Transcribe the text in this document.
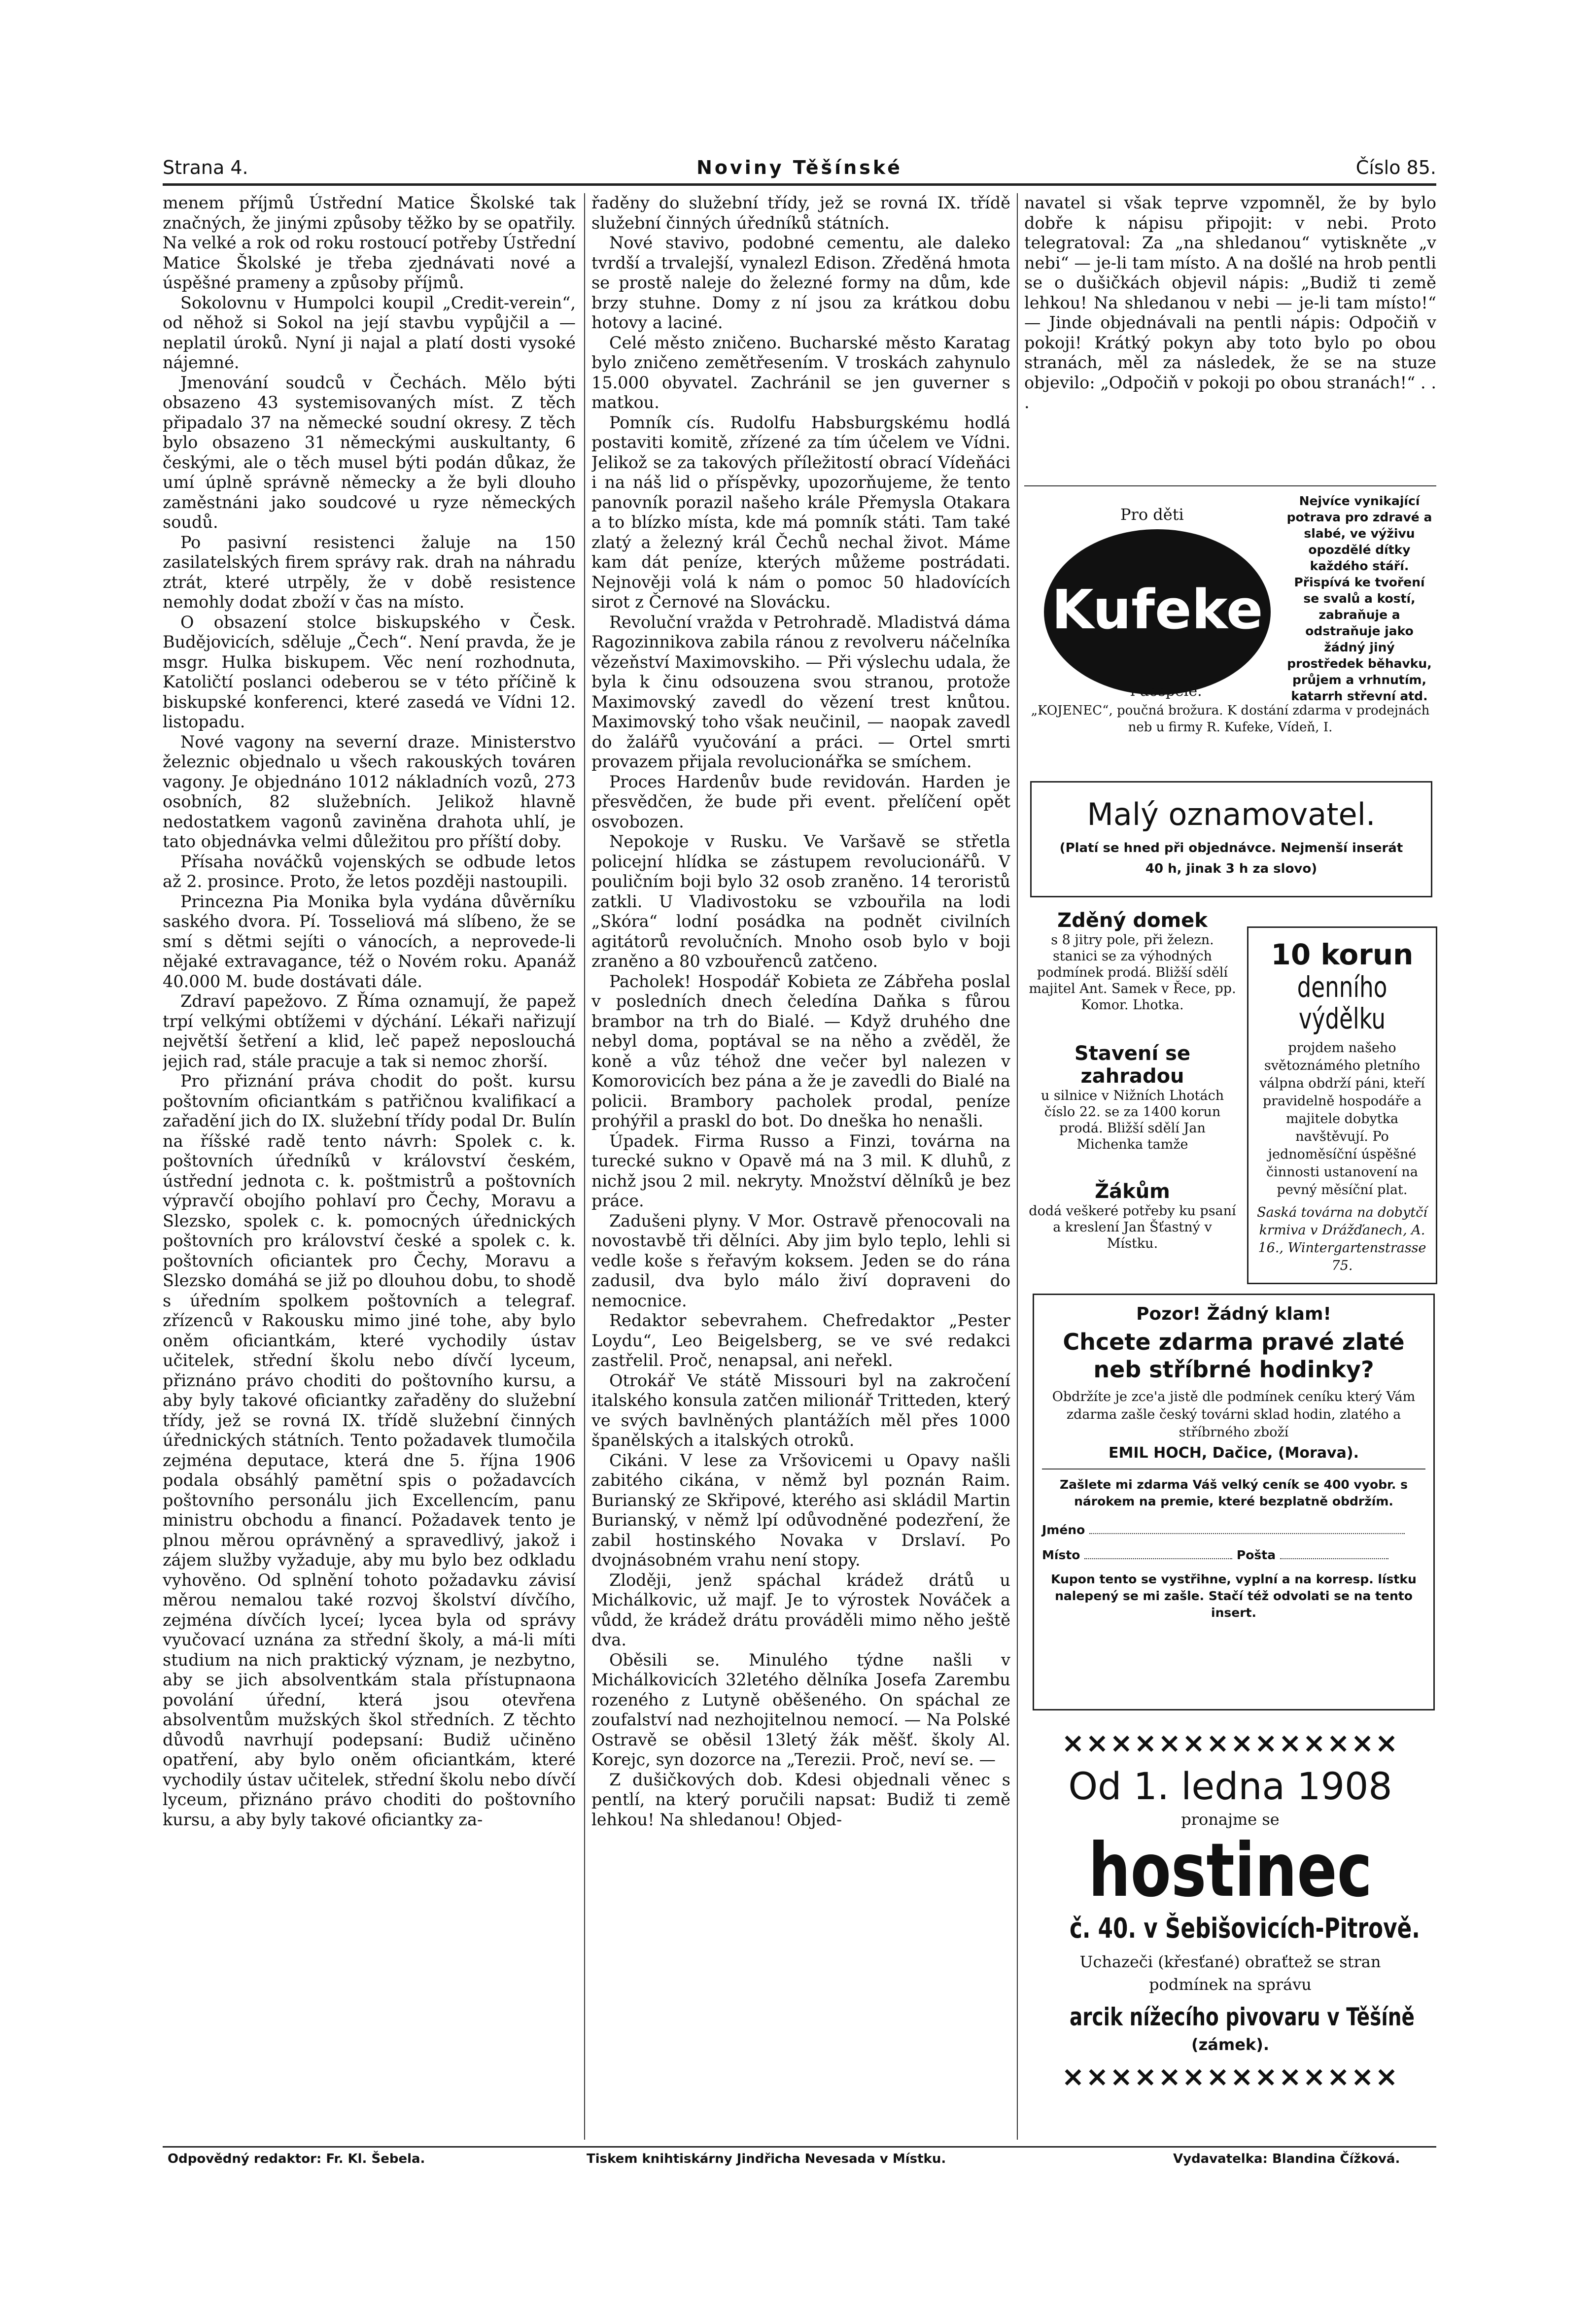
Strana 4.	Noviny Těšínské	Číslo 85.

menem příjmů Ústřední Matice Školské tak značných, že jinými způsoby těžko by se opatřily. Na velké a rok od roku rostoucí potřeby Ústřední Matice Školské je třeba zjednávati nové a úspěšné prameny a způsoby příjmů.

Sokolovnu v Humpolci koupil „Credit-verein“, od něhož si Sokol na její stavbu vypůjčil a — neplatil úroků. Nyní ji najal a platí dosti vysoké nájemné.

Jmenování soudců v Čechách. Mělo býti obsazeno 43 systemisovaných míst. Z těch připadalo 37 na německé soudní okresy. Z těch bylo obsazeno 31 německými auskultanty, 6 českými, ale o těch musel býti podán důkaz, že umí úplně správně německy a že byli dlouho zaměstnáni jako soudcové u ryze německých soudů.

Po pasivní resistenci žaluje na 150 zasilatelských firem správy rak. drah na náhradu ztrát, které utrpěly, že v době resistence nemohly dodat zboží v čas na místo.

O obsazení stolce biskupského v Česk. Budějovicích, sděluje „Čech“. Není pravda, že je msgr. Hulka biskupem. Věc není rozhodnuta, Katoličtí poslanci odeberou se v této příčině k biskupské konferenci, které zasedá ve Vídni 12. listopadu.

Nové vagony na severní draze. Ministerstvo železnic objednalo u všech rakouských továren vagony. Je objednáno 1012 nákladních vozů, 273 osobních, 82 služebních. Jelikož hlavně nedostatkem vagonů zaviněna drahota uhlí, je tato objednávka velmi důležitou pro příští doby.

Přísaha nováčků vojenských se odbude letos až 2. prosince. Proto, že letos později nastoupili.

Princezna Pia Monika byla vydána důvěrníku saského dvora. Pí. Tosseliová má slíbeno, že se smí s dětmi sejíti o vánocích, a neprovede-li nějaké extravagance, též o Novém roku. Apanáž 40.000 M. bude dostávati dále.

Zdraví papežovo. Z Říma oznamují, že papež trpí velkými obtížemi v dýchání. Lékaři nařizují největší šetření a klid, leč papež neposlouchá jejich rad, stále pracuje a tak si nemoc zhorší.

Pro přiznání práva chodit do pošt. kursu poštovním oficiantkám s patřičnou kvalifikací a zařadění jich do IX. služební třídy podal Dr. Bulín na říšské radě tento návrh: Spolek c. k. poštovních úředníků v království českém, ústřední jednota c. k. poštmistrů a poštovních výpravčí obojího pohlaví pro Čechy, Moravu a Slezsko, spolek c. k. pomocných úřednických poštovních pro království české a spolek c. k. poštovních oficiantek pro Čechy, Moravu a Slezsko domáhá se již po dlouhou dobu, to shodě s úředním spolkem poštovních a telegraf. zřízenců v Rakousku mimo jiné tohe, aby bylo oněm oficiantkám, které vychodily ústav učitelek, střední školu nebo dívčí lyceum, přiznáno právo choditi do poštovního kursu, a aby byly takové oficiantky zařaděny do služební třídy, jež se rovná IX. třídě služební činných úřednických státních. Tento požadavek tlumočila zejména deputace, která dne 5. října 1906 podala obsáhlý pamětní spis o požadavcích poštovního personálu jich Excellencím, panu ministru obchodu a financí. Požadavek tento je plnou měrou oprávněný a spravedlivý, jakož i zájem služby vyžaduje, aby mu bylo bez odkladu vyhověno. Od splnění tohoto požadavku závisí měrou nemalou také rozvoj školství dívčího, zejména dívčích lyceí; lycea byla od správy vyučovací uznána za střední školy, a má-li míti studium na nich praktický význam, je nezbytno, aby se jich absolventkám stala přístupnaona povolání úřední, která jsou otevřena absolventům mužských škol středních. Z těchto důvodů navrhují podepsaní: Budiž učiněno opatření, aby bylo oněm oficiantkám, které vychodily ústav učitelek, střední školu nebo dívčí lyceum, přiznáno právo choditi do poštovního kursu, a aby byly takové oficiantky za-

řaděny do služební třídy, jež se rovná IX. třídě služební činných úředníků státních.

Nové stavivo, podobné cementu, ale daleko tvrdší a trvalejší, vynalezl Edison. Zředěná hmota se prostě naleje do železné formy na dům, kde brzy stuhne. Domy z ní jsou za krátkou dobu hotovy a laciné.

Celé město zničeno. Bucharské město Karatag bylo zničeno zemětřesením. V troskách zahynulo 15.000 obyvatel. Zachránil se jen guverner s matkou.

Pomník cís. Rudolfu Habsburgskému hodlá postaviti komitě, zřízené za tím účelem ve Vídni. Jelikož se za takových příležitostí obrací Vídeňáci i na náš lid o příspěvky, upozorňujeme, že tento panovník porazil našeho krále Přemysla Otakara a to blízko místa, kde má pomník státi. Tam také zlatý a železný král Čechů nechal život. Máme kam dát peníze, kterých můžeme postrádati. Nejnověji volá k nám o pomoc 50 hladovících sirot z Černové na Slovácku.

Revoluční vražda v Petrohradě. Mladistvá dáma Ragozinnikova zabila ránou z revolveru náčelníka vězeňství Maximovskiho. — Při výslechu udala, že byla k činu odsouzena svou stranou, protože Maximovský zavedl do vězení trest knůtou. Maximovský toho však neučinil, — naopak zavedl do žalářů vyučování a práci. — Ortel smrti provazem přijala revolucionářka se smíchem.

Proces Hardenův bude revidován. Harden je přesvědčen, že bude při event. přelíčení opět osvobozen.

Nepokoje v Rusku. Ve Varšavě se střetla policejní hlídka se zástupem revolucionářů. V pouličním boji bylo 32 osob zraněno. 14 teroristů zatkli. U Vladivostoku se vzbouřila na lodi „Skóra“ lodní posádka na podnět civilních agitátorů revolučních. Mnoho osob bylo v boji zraněno a 80 vzbouřenců zatčeno.

Pacholek! Hospodář Kobieta ze Zábřeha poslal v posledních dnech čeledína Daňka s fůrou brambor na trh do Bialé. — Když druhého dne nebyl doma, poptával se na něho a zvěděl, že koně a vůz téhož dne večer byl nalezen v Komorovicích bez pána a že je zavedli do Bialé na policii. Brambory pacholek prodal, peníze prohýřil a praskl do bot. Do dneška ho nenašli.

Úpadek. Firma Russo a Finzi, továrna na turecké sukno v Opavě má na 3 mil. K dluhů, z nichž jsou 2 mil. nekryty. Množství dělníků je bez práce.

Zadušeni plyny. V Mor. Ostravě přenocovali na novostavbě tři dělníci. Aby jim bylo teplo, lehli si vedle koše s řeřavým koksem. Jeden se do rána zadusil, dva bylo málo živí dopraveni do nemocnice.

Redaktor sebevrahem. Chefredaktor „Pester Loydu“, Leo Beigelsberg, se ve své redakci zastřelil. Proč, nenapsal, ani neřekl.

Otrokář Ve státě Missouri byl na zakročení italského konsula zatčen milionář Tritteden, který ve svých bavlněných plantážích měl přes 1000 španělských a italských otroků.

Cikáni. V lese za Vršovicemi u Opavy našli zabitého cikána, v němž byl poznán Raim. Burianský ze Skřipové, kterého asi skládil Martin Burianský, v němž lpí odůvodněné podezření, že zabil hostinského Novaka v Drslaví. Po dvojnásobném vrahu není stopy.

Zloději, jenž spáchal krádež drátů u Michálkovic, už majf. Je to výrostek Nováček a vůdd, že krádež drátu prováděli mimo něho ještě dva.

Oběsili se. Minulého týdne našli v Michálkovicích 32letého dělníka Josefa Zarembu rozeného z Lutyně oběšeného. On spáchal ze zoufalství nad nezhojitelnou nemocí. — Na Polské Ostravě se oběsil 13letý žák měšť. školy Al. Korejc, syn dozorce na „Terezii. Proč, neví se. —

Z dušičkových dob. Kdesi objednali věnec s pentlí, na který poručili napsat: Budiž ti země lehkou! Na shledanou! Objed-

navatel si však teprve vzpomněl, že by bylo dobře k nápisu připojit: v nebi. Proto telegratoval: Za „na shledanou“ vytiskněte „v nebi“ — je-li tam místo. A na došlé na hrob pentli se o dušičkách objevil nápis: „Budiž ti země lehkou! Na shledanou v nebi — je-li tam místo!“ — Jinde objednávali na pentli nápis: Odpočiň v pokoji! Krátký pokyn aby toto bylo po obou stranách, měl za následek, že se na stuze objevilo: „Odpočiň v pokoji po obou stranách!“ . . .

Pro děti
Kufeke
i dospělé.
Nejvíce vynikající potrava pro zdravé a slabé, ve výživu opozdělé dítky každého stáří. Přispívá ke tvoření se svalů a kostí, zabraňuje a odstraňuje jako žádný jiný prostředek běhavku, průjem a vrhnutím, katarrh střevní atd.
„KOJENEC“, poučná brožura. K dostání zdarma v prodejnách neb u firmy R. Kufeke, Vídeň, I.
Malý oznamovatel.
(Platí se hned při objednávce. Nejmenší inserát
40 h, jinak 3 h za slovo)
Zděný domek
s 8 jitry pole, při železn. stanici se za výhodných podmínek prodá. Bližší sdělí majitel Ant. Samek v Řece, pp. Komor. Lhotka.
Stavení se zahradou
u silnice v Nižních Lhotách číslo 22. se za 1400 korun prodá. Bližší sdělí Jan Michenka tamže
Žákům
dodá veškeré potřeby ku psaní a kreslení Jan Šťastný v Místku.
10 korun
denního výdělku
projdem našeho světoznámého pletního válpna obdrží páni, kteří pravidelně hospodáře a majitele dobytka navštěvují. Po jednoměsíční úspěšné činnosti ustanovení na pevný měsíční plat.
Saská továrna na dobytčí krmiva v Drážďanech, A. 16., Wintergartenstrasse 75.
Pozor! Žádný klam!
Chcete zdarma pravé zlaté neb stříbrné hodinky?
Obdržíte je zce'a jistě dle podmínek ceníku který Vám zdarma zašle český továrni sklad hodin, zlatého a stříbrného zboží
EMIL HOCH, Dačice, (Morava).
Zašlete mi zdarma Váš velký ceník se 400 vyobr. s nárokem na premie, které bezplatně obdržím.
Jméno
Místo	Pošta
Kupon tento se vystřihne, vyplní a na korresp. lístku nalepený se mi zašle. Stačí též odvolati se na tento insert.
××××××××××××××
Od 1. ledna 1908
pronajme se
hostinec
č. 40. v Šebišovicích-Pitrově.
Uchazeči (křesťané) obraťtež se stran podmínek na správu
arcik nížecího pivovaru v Těšíně
(zámek).
××××××××××××××
Odpovědný redaktor: Fr. Kl. Šebela.	Tiskem knihtiskárny Jindřicha Nevesada v Místku.	Vydavatelka: Blandina Čížková.
